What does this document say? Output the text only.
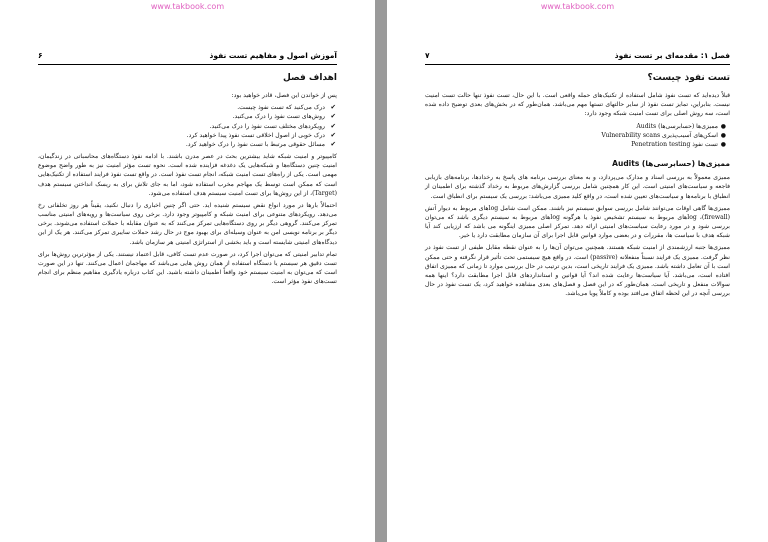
www.takbook.com
آموزش اصول و مفاهیم تست نفوذ
۶
اهداف فصل

پس از خواندن این فصل، قادر خواهید بود:

✔
درک می‌کنید که تست نفوذ چیست.
✔
روش‌های تست نفوذ را درک می‌کنید.
✔
رویکردهای مختلف تست نفوذ را درک می‌کنید.
✔
درک خوبی از اصول اخلاقی تست نفوذ پیدا خواهید کرد.
✔
مسائل حقوقی مرتبط با تست نفوذ را درک خواهید کرد.

کامپیوتر و امنیت شبکه شاید بیشترین بحث در عصر مدرن باشند. با ادامه نفوذ دستگاه‌های محاسباتی در زندگیمان، امنیت چنین دستگاه‌ها و شبکه‌هایی یک دغدغه فزاینده شده است. نحوه تست مؤثر امنیت نیز به طور واضح موضوع مهمی است. یکی از راه‌های تست امنیت شبکه، انجام تست نفوذ است. در واقع تست نفوذ فرایند استفاده از تکنیک‌هایی است که ممکن است توسط یک مهاجم مخرب استفاده شود، اما به جای تلاش برای به ریسک انداختن سیستم هدف (Target)، از این روش‌ها برای تست امنیت سیستم هدف استفاده می‌شود.

احتمالاً بارها در مورد انواع نقض سیستم شنیده اید. حتی اگر چنین اخباری را دنبال نکنید، یقیناً هر روز تخلفاتی رخ می‌دهد. رویکردهای متنوعی برای امنیت شبکه و کامپیوتر وجود دارد. برخی روی سیاست‌ها و رویه‌های امنیتی مناسب تمرکز می‌کنند. گروهی دیگر بر روی دستگاه‌هایی تمرکز می‌کنند که به عنوان مقابله با حملات استفاده می‌شوند. برخی دیگر بر برنامه نویسی امن به عنوان وسیله‌ای برای بهبود موج در حال رشد حملات سایبری تمرکز می‌کنند. هر یک از این دیدگاه‌های امنیتی شایسته است و باید بخشی از استراتژی امنیتی هر سازمان باشد.

تمام تدابیر امنیتی که می‌توان اجرا کرد، در صورت عدم تست کافی، قابل اعتماد نیستند. یکی از مؤثرترین روش‌ها برای تست دقیق هر سیستم یا دستگاه استفاده از همان روش هایی می‌باشد که مهاجمان اعمال می‌کنند. تنها در این صورت است که می‌توان به امنیت سیستم خود واقعاً اطمینان داشته باشید. این کتاب درباره یادگیری مفاهیم منظم برای انجام تست‌های نفوذ مؤثر است.

www.takbook.com
فصل ۱: مقدمه‌ای بر تست نفوذ
۷
تست نفوذ چیست؟

قبلاً دیده‌اید که تست نفوذ شامل استفاده از تکنیک‌های حمله واقعی است. با این حال، تست نفوذ تنها حالت تست امنیت نیست. بنابراین، تمایز تست نفوذ از سایر حالتهای تستها مهم می‌باشد. همان‌طور که در بخش‌های بعدی توضیح داده شده است، سه روش اصلی برای تست امنیت شبکه وجود دارد:

●
ممیزی‌ها (حسابرسی‌ها) Audits
●
اسکن‌های آسیب‌پذیری Vulnerability scans
●
تست نفوذ Penetration testing
ممیزی‌ها (حسابرسی‌ها) Audits

ممیزی معمولاً به بررسی اسناد و مدارک می‌پردازد، و به معنای بررسی برنامه های پاسخ به رخدادها، برنامه‌های بازیابی فاجعه و سیاست‌های امنیتی است. این کار همچنین شامل بررسی گزارش‌های مربوط به رخداد گذشته برای اطمینان از انطباق با برنامه‌ها و سیاست‌های تعیین شده است، در واقع کلید ممیزی می‌باشد: بررسی یک سیستم برای انطباق است.

ممیزی‌ها گاهی اوقات می‌توانند شامل بررسی سوابق سیستم نیز باشند. ممکن است شامل logهای مربوط به دیوار آتش (firewall)، logهای مربوط به سیستم تشخیص نفوذ یا هرگونه logهای مربوط به سیستم دیگری باشد که می‌توان بررسی شود و در مورد رعایت سیاست‌های امنیتی ارائه دهد. تمرکز اصلی ممیزی اینگونه می باشد که ارزیابی کند آیا شبکه هدف با سیاست ها، مقررات و در بعضی موارد قوانین قابل اجرا برای آن سازمان مطابقت دارد یا خیر.

ممیزی‌ها جنبه ارزشمندی از امنیت شبکه هستند. همچنین می‌توان آن‌ها را به عنوان نقطه مقابل طیفی از تست نفوذ در نظر گرفت. ممیزی یک فرایند نسبتاً منفعلانه (passive) است. در واقع هیچ سیستمی تحت تأثیر قرار نگرفته و حتی ممکن است با آن تعامل داشته باشد. ممیزی یک فرایند تاریخی است، بدین ترتیب در حال بررسی موارد تا زمانی که ممیزی اتفاق افتاده است، می‌باشد. آیا سیاست‌ها رعایت شده اند؟ آیا قوانین و استانداردهای قابل اجرا مطابقت دارد؟ اینها همه سوالات منفعل و تاریخی است. همان‌طور که در این فصل و فصل‌های بعدی مشاهده خواهید کرد، یک تست نفوذ در حال بررسی آنچه در این لحظه اتفاق می‌افتد بوده و کاملاً پویا می‌باشد.
